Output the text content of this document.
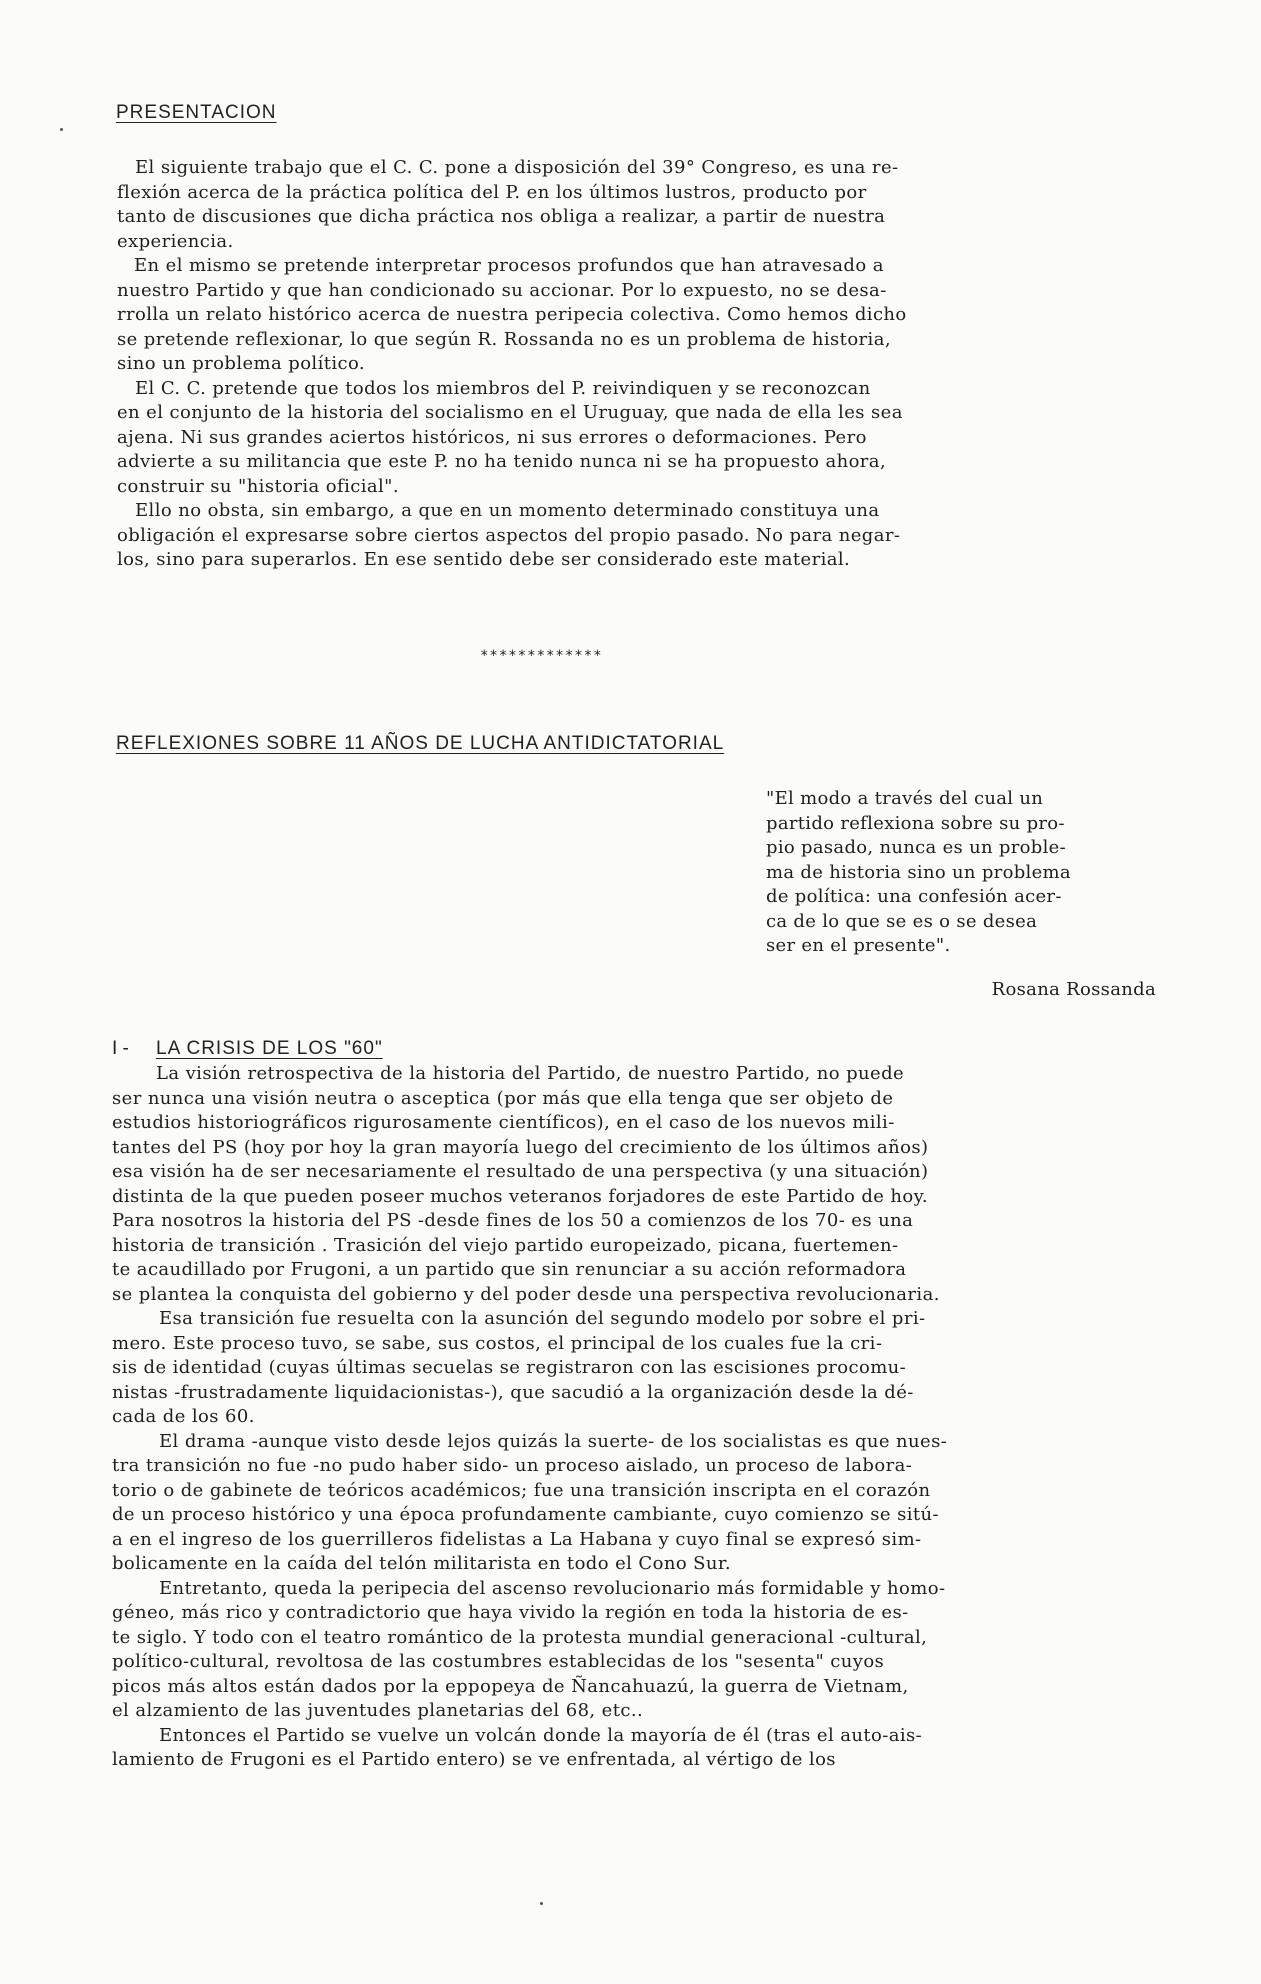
PRESENTACION
El siguiente trabajo que el C. C. pone a disposición del 39° Congreso, es una re-
flexión acerca de la práctica política del P. en los últimos lustros, producto por
tanto de discusiones que dicha práctica nos obliga a realizar, a partir de nuestra
experiencia.
En el mismo se pretende interpretar procesos profundos que han atravesado a
nuestro Partido y que han condicionado su accionar. Por lo expuesto, no se desa-
rrolla un relato histórico acerca de nuestra peripecia colectiva. Como hemos dicho
se pretende reflexionar, lo que según R. Rossanda no es un problema de historia,
sino un problema político.
El C. C. pretende que todos los miembros del P. reivindiquen y se reconozcan
en el conjunto de la historia del socialismo en el Uruguay, que nada de ella les sea
ajena. Ni sus grandes aciertos históricos, ni sus errores o deformaciones. Pero
advierte a su militancia que este P. no ha tenido nunca ni se ha propuesto ahora,
construir su "historia oficial".
Ello no obsta, sin embargo, a que en un momento determinado constituya una
obligación el expresarse sobre ciertos aspectos del propio pasado. No para negar-
los, sino para superarlos. En ese sentido debe ser considerado este material.
*************
REFLEXIONES SOBRE 11 AÑOS DE LUCHA ANTIDICTATORIAL
"El modo a través del cual un
partido reflexiona sobre su pro-
pio pasado, nunca es un proble-
ma de historia sino un problema
de política: una confesión acer-
ca de lo que se es o se desea
ser en el presente".
Rosana Rossanda
I - LA CRISIS DE LOS "60"
La visión retrospectiva de la historia del Partido, de nuestro Partido, no puede
ser nunca una visión neutra o asceptica (por más que ella tenga que ser objeto de
estudios historiográficos rigurosamente científicos), en el caso de los nuevos mili-
tantes del PS (hoy por hoy la gran mayoría luego del crecimiento de los últimos años)
esa visión ha de ser necesariamente el resultado de una perspectiva (y una situación)
distinta de la que pueden poseer muchos veteranos forjadores de este Partido de hoy.
Para nosotros la historia del PS -desde fines de los 50 a comienzos de los 70- es una
historia de transición . Trasición del viejo partido europeizado, picana, fuertemen-
te acaudillado por Frugoni, a un partido que sin renunciar a su acción reformadora
se plantea la conquista del gobierno y del poder desde una perspectiva revolucionaria.
Esa transición fue resuelta con la asunción del segundo modelo por sobre el pri-
mero. Este proceso tuvo, se sabe, sus costos, el principal de los cuales fue la cri-
sis de identidad (cuyas últimas secuelas se registraron con las escisiones procomu-
nistas -frustradamente liquidacionistas-), que sacudió a la organización desde la dé-
cada de los 60.
El drama -aunque visto desde lejos quizás la suerte- de los socialistas es que nues-
tra transición no fue -no pudo haber sido- un proceso aislado, un proceso de labora-
torio o de gabinete de teóricos académicos; fue una transición inscripta en el corazón
de un proceso histórico y una época profundamente cambiante, cuyo comienzo se sitú-
a en el ingreso de los guerrilleros fidelistas a La Habana y cuyo final se expresó sim-
bolicamente en la caída del telón militarista en todo el Cono Sur.
Entretanto, queda la peripecia del ascenso revolucionario más formidable y homo-
géneo, más rico y contradictorio que haya vivido la región en toda la historia de es-
te siglo. Y todo con el teatro romántico de la protesta mundial generacional -cultural,
político-cultural, revoltosa de las costumbres establecidas de los "sesenta" cuyos
picos más altos están dados por la eppopeya de Ñancahuazú, la guerra de Vietnam,
el alzamiento de las juventudes planetarias del 68, etc..
Entonces el Partido se vuelve un volcán donde la mayoría de él (tras el auto-ais-
lamiento de Frugoni es el Partido entero) se ve enfrentada, al vértigo de los
